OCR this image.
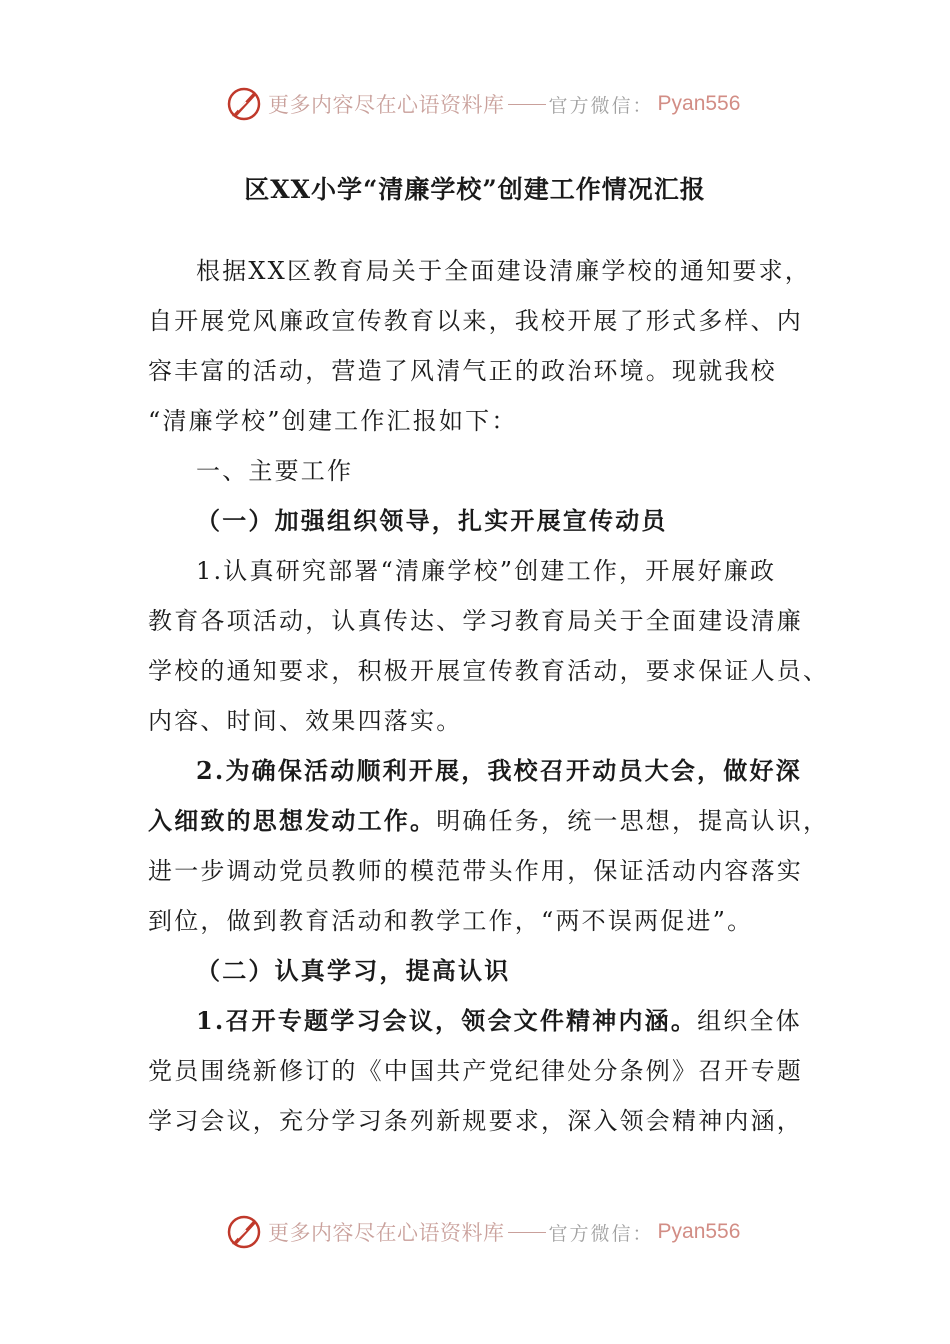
更多内容尽在心语资料库 官方微信： Pyan556
区XX小学“清廉学校”创建工作情况汇报
根据XX区教育局关于全面建设清廉学校的通知要求，
自开展党风廉政宣传教育以来，我校开展了形式多样、内
容丰富的活动，营造了风清气正的政治环境。现就我校
“清廉学校”创建工作汇报如下：
一、主要工作
（一）加强组织领导，扎实开展宣传动员
1.认真研究部署“清廉学校”创建工作，开展好廉政
教育各项活动，认真传达、学习教育局关于全面建设清廉
学校的通知要求，积极开展宣传教育活动，要求保证人员、
内容、时间、效果四落实。
2.为确保活动顺利开展，我校召开动员大会，做好深
入细致的思想发动工作。明确任务，统一思想，提高认识，
进一步调动党员教师的模范带头作用，保证活动内容落实
到位，做到教育活动和教学工作，“两不误两促进”。
（二）认真学习，提高认识
1.召开专题学习会议，领会文件精神内涵。组织全体
党员围绕新修订的《中国共产党纪律处分条例》召开专题
学习会议，充分学习条列新规要求，深入领会精神内涵，
更多内容尽在心语资料库 官方微信： Pyan556
